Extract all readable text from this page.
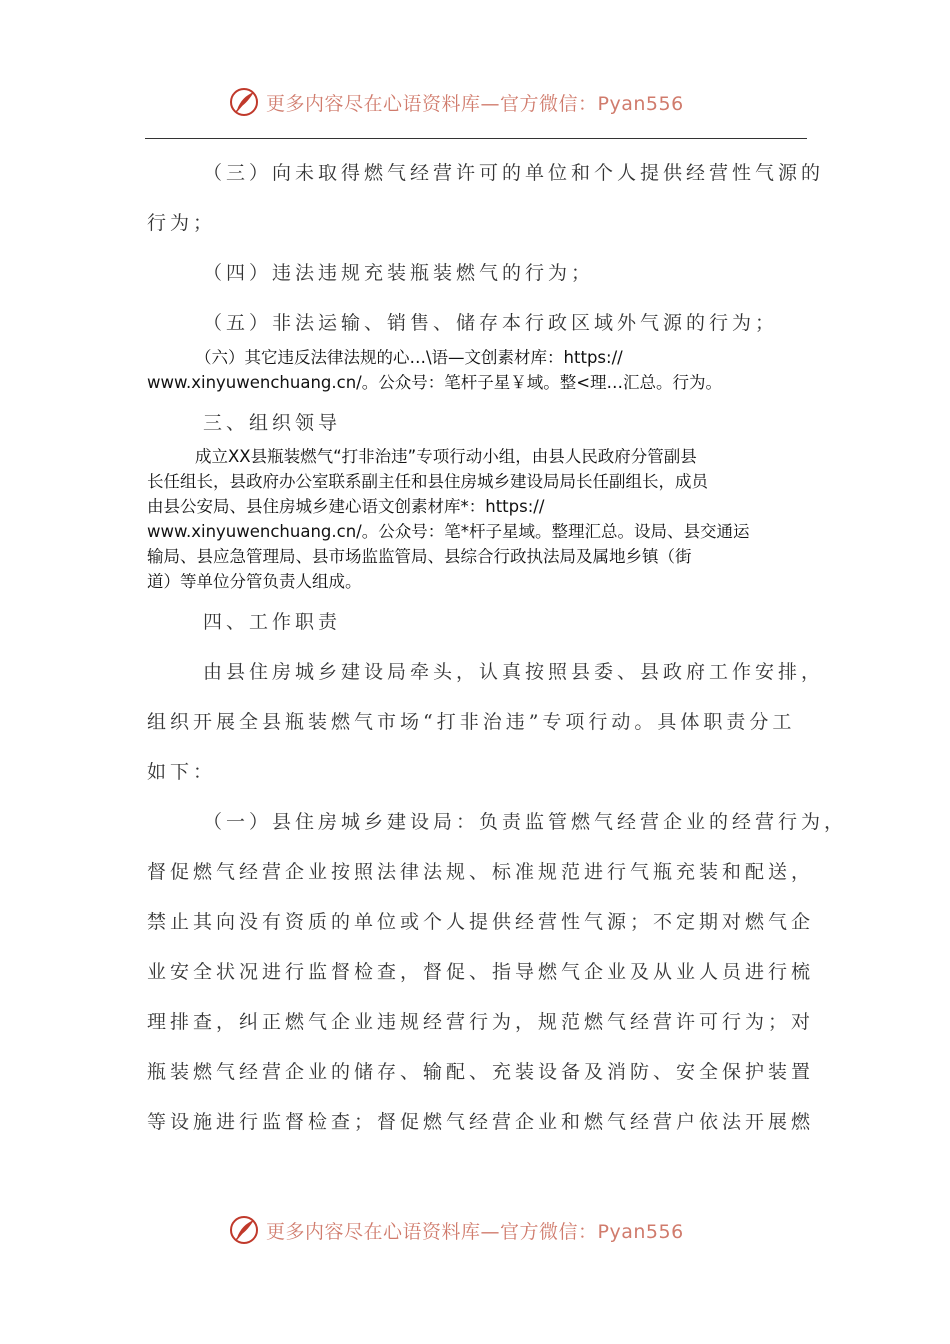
更多内容尽在心语资料库—官方微信：Pyan556
（三）向未取得燃气经营许可的单位和个人提供经营性气源的
行为；
（四）违法违规充装瓶装燃气的行为；
（五）非法运输、销售、储存本行政区域外气源的行为；
（六）其它违反法律法规的心…\语—文创素材库：https://
www.xinyuwenchuang.cn/。公众号：笔杆子星￥域。整<理…汇总。行为。
三、组织领导
成立XX县瓶装燃气“打非治违”专项行动小组，由县人民政府分管副县
长任组长，县政府办公室联系副主任和县住房城乡建设局局长任副组长，成员
由县公安局、县住房城乡建心语文创素材库*：https://
www.xinyuwenchuang.cn/。公众号：笔*杆子星域。整理汇总。设局、县交通运
输局、县应急管理局、县市场监监管局、县综合行政执法局及属地乡镇（街
道）等单位分管负责人组成。
四、工作职责
由县住房城乡建设局牵头，认真按照县委、县政府工作安排，
组织开展全县瓶装燃气市场“打非治违”专项行动。具体职责分工
如下：
（一）县住房城乡建设局：负责监管燃气经营企业的经营行为，
督促燃气经营企业按照法律法规、标准规范进行气瓶充装和配送，
禁止其向没有资质的单位或个人提供经营性气源；不定期对燃气企
业安全状况进行监督检查，督促、指导燃气企业及从业人员进行梳
理排查，纠正燃气企业违规经营行为，规范燃气经营许可行为；对
瓶装燃气经营企业的储存、输配、充装设备及消防、安全保护装置
等设施进行监督检查；督促燃气经营企业和燃气经营户依法开展燃
更多内容尽在心语资料库—官方微信：Pyan556
